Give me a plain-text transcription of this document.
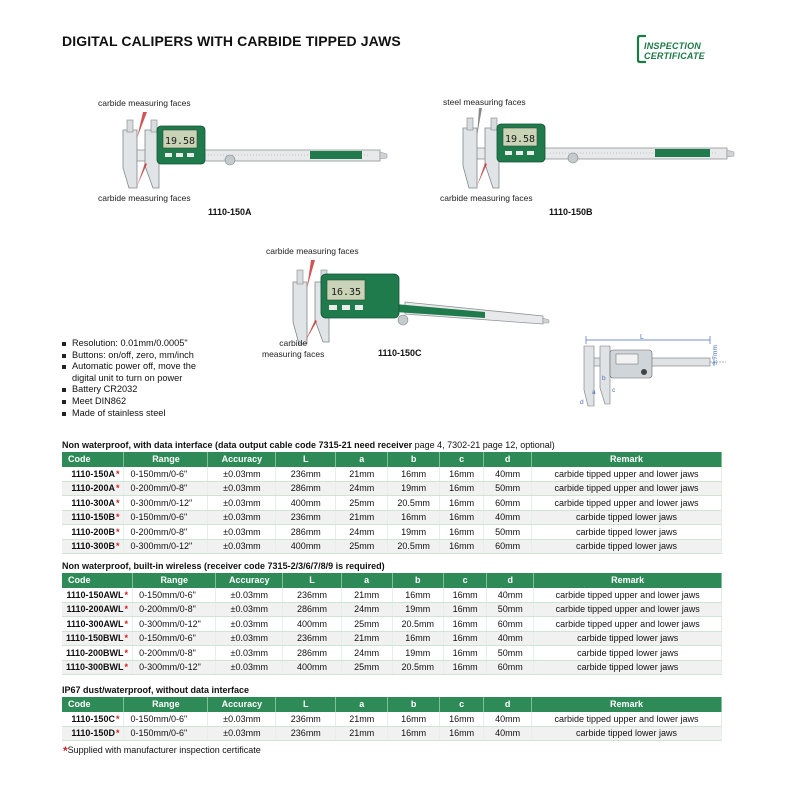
DIGITAL CALIPERS WITH CARBIDE TIPPED JAWS	INSPECTION
CERTIFICATE
carbide measuring faces
19.58
carbide measuring faces
1110-150A
steel measuring faces
19.58
carbide measuring faces
1110-150B
carbide measuring faces
16.35
carbide
measuring faces	1110-150C
Resolution: 0.01mm/0.0005"
Buttons: on/off, zero, mm/inch
Automatic power off, move the
digital unit to turn on power
Battery CR2032
Meet DIN862
Made of stainless steel
L
3.7mm
a
b
c
d
Non waterproof, with data interface (data output cable code 7315-21 need receiver page 4, 7302-21 page 12, optional)
Code	Range	Accuracy	L	a	b	c	d	Remark
1110-150A*	0-150mm/0-6"	±0.03mm	236mm	21mm	16mm	16mm	40mm	carbide tipped upper and lower jaws
1110-200A*	0-200mm/0-8"	±0.03mm	286mm	24mm	19mm	16mm	50mm	carbide tipped upper and lower jaws
1110-300A*	0-300mm/0-12"	±0.03mm	400mm	25mm	20.5mm	16mm	60mm	carbide tipped upper and lower jaws
1110-150B*	0-150mm/0-6"	±0.03mm	236mm	21mm	16mm	16mm	40mm	carbide tipped lower jaws
1110-200B*	0-200mm/0-8"	±0.03mm	286mm	24mm	19mm	16mm	50mm	carbide tipped lower jaws
1110-300B*	0-300mm/0-12"	±0.03mm	400mm	25mm	20.5mm	16mm	60mm	carbide tipped lower jaws
Non waterproof, built-in wireless (receiver code 7315-2/3/6/7/8/9 is required)
Code	Range	Accuracy	L	a	b	c	d	Remark
1110-150AWL*	0-150mm/0-6"	±0.03mm	236mm	21mm	16mm	16mm	40mm	carbide tipped upper and lower jaws
1110-200AWL*	0-200mm/0-8"	±0.03mm	286mm	24mm	19mm	16mm	50mm	carbide tipped upper and lower jaws
1110-300AWL*	0-300mm/0-12"	±0.03mm	400mm	25mm	20.5mm	16mm	60mm	carbide tipped upper and lower jaws
1110-150BWL*	0-150mm/0-6"	±0.03mm	236mm	21mm	16mm	16mm	40mm	carbide tipped lower jaws
1110-200BWL*	0-200mm/0-8"	±0.03mm	286mm	24mm	19mm	16mm	50mm	carbide tipped lower jaws
1110-300BWL*	0-300mm/0-12"	±0.03mm	400mm	25mm	20.5mm	16mm	60mm	carbide tipped lower jaws
IP67 dust/waterproof, without data interface
Code	Range	Accuracy	L	a	b	c	d	Remark
1110-150C*	0-150mm/0-6"	±0.03mm	236mm	21mm	16mm	16mm	40mm	carbide tipped upper and lower jaws
1110-150D*	0-150mm/0-6"	±0.03mm	236mm	21mm	16mm	16mm	40mm	carbide tipped lower jaws
*Supplied with manufacturer inspection certificate
